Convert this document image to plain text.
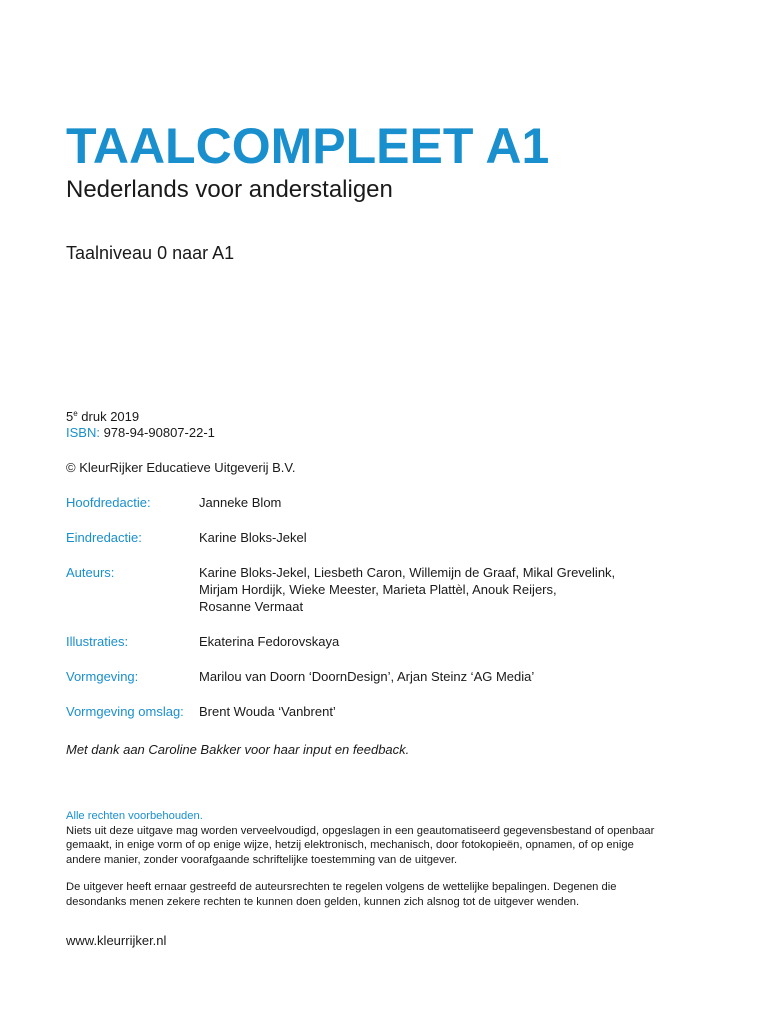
TAALCOMPLEET A1
Nederlands voor anderstaligen
Taalniveau 0 naar A1
5e druk 2019
ISBN: 978-94-90807-22-1
© KleurRijker Educatieve Uitgeverij B.V.
Hoofdredactie:	Janneke Blom
Eindredactie:	Karine Bloks-Jekel
Auteurs:	Karine Bloks-Jekel, Liesbeth Caron, Willemijn de Graaf, Mikal Grevelink,
Mirjam Hordijk, Wieke Meester, Marieta Plattèl, Anouk Reijers,
Rosanne Vermaat
Illustraties:	Ekaterina Fedorovskaya
Vormgeving:	Marilou van Doorn ‘DoornDesign’, Arjan Steinz ‘AG Media’
Vormgeving omslag:	Brent Wouda ‘Vanbrent’
Met dank aan Caroline Bakker voor haar input en feedback.

Alle rechten voorbehouden.

Niets uit deze uitgave mag worden verveelvoudigd, opgeslagen in een geautomatiseerd gegevensbestand of openbaar

gemaakt, in enige vorm of op enige wijze, hetzij elektronisch, mechanisch, door fotokopieën, opnamen, of op enige

andere manier, zonder voorafgaande schriftelijke toestemming van de uitgever.

De uitgever heeft ernaar gestreefd de auteursrechten te regelen volgens de wettelijke bepalingen. Degenen die

desondanks menen zekere rechten te kunnen doen gelden, kunnen zich alsnog tot de uitgever wenden.

www.kleurrijker.nl
